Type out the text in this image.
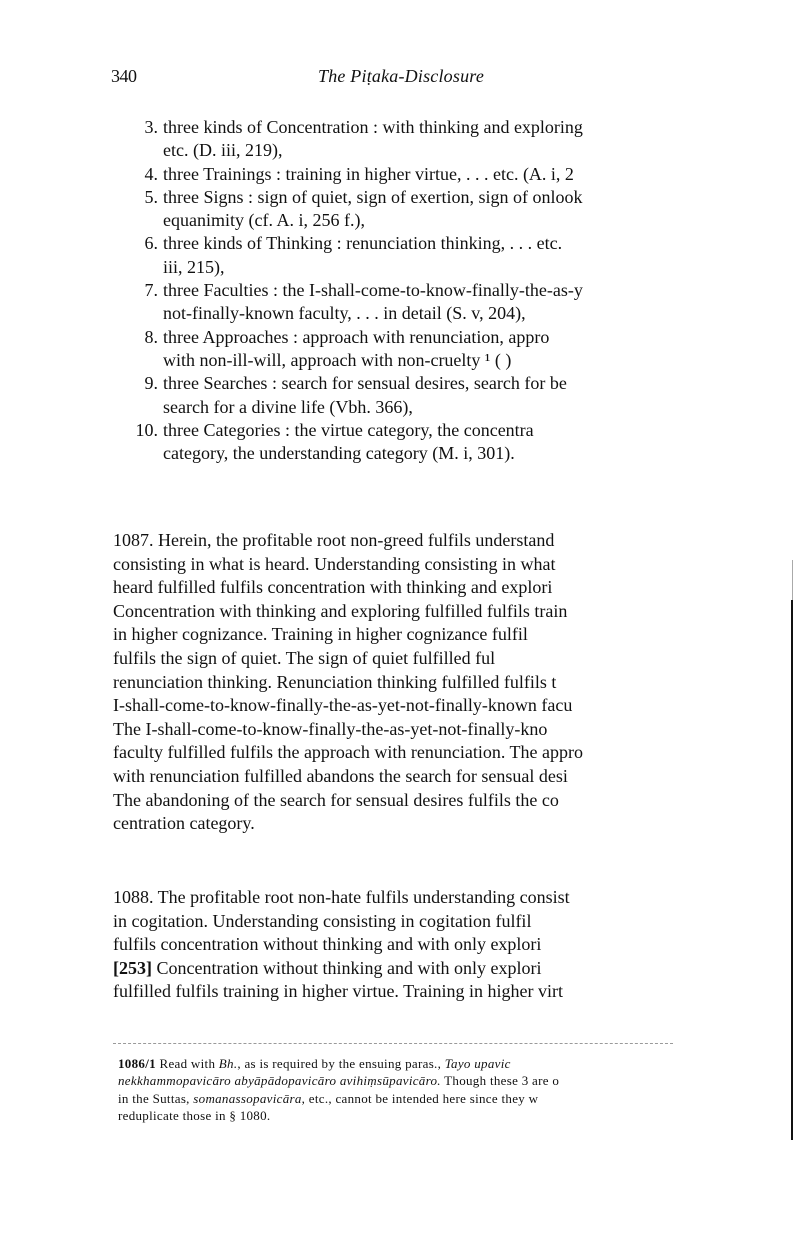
340	The Piṭaka-Disclosure
3. three kinds of Concentration : with thinking and exploring
etc. (D. iii, 219),
4. three Trainings : training in higher virtue, . . . etc. (A. i, 2
5. three Signs : sign of quiet, sign of exertion, sign of onlook
equanimity (cf. A. i, 256 f.),
6. three kinds of Thinking : renunciation thinking, . . . etc.
iii, 215),
7. three Faculties : the I-shall-come-to-know-finally-the-as-y
not-finally-known faculty, . . . in detail (S. v, 204),
8. three Approaches : approach with renunciation, appro
with non-ill-will, approach with non-cruelty ¹ ( )
9. three Searches : search for sensual desires, search for be
search for a divine life (Vbh. 366),
10. three Categories : the virtue category, the concentra
category, the understanding category (M. i, 301).
1087. Herein, the profitable root non-greed fulfils understand
consisting in what is heard. Understanding consisting in what
heard fulfilled fulfils concentration with thinking and explori
Concentration with thinking and exploring fulfilled fulfils train
in higher cognizance. Training in higher cognizance fulfil
fulfils the sign of quiet. The sign of quiet fulfilled ful
renunciation thinking. Renunciation thinking fulfilled fulfils t
I-shall-come-to-know-finally-the-as-yet-not-finally-known facu
The I-shall-come-to-know-finally-the-as-yet-not-finally-kno
faculty fulfilled fulfils the approach with renunciation. The appro
with renunciation fulfilled abandons the search for sensual desi
The abandoning of the search for sensual desires fulfils the co
centration category.
1088. The profitable root non-hate fulfils understanding consist
in cogitation. Understanding consisting in cogitation fulfil
fulfils concentration without thinking and with only explori
[253] Concentration without thinking and with only explori
fulfilled fulfils training in higher virtue. Training in higher virt
1086/1 Read with Bh., as is required by the ensuing paras., Tayo upavic
nekkhammopavicāro abyāpādopavicāro avihiṃsūpavicāro. Though these 3 are o
in the Suttas, somanassopavicāra, etc., cannot be intended here since they w
reduplicate those in § 1080.
